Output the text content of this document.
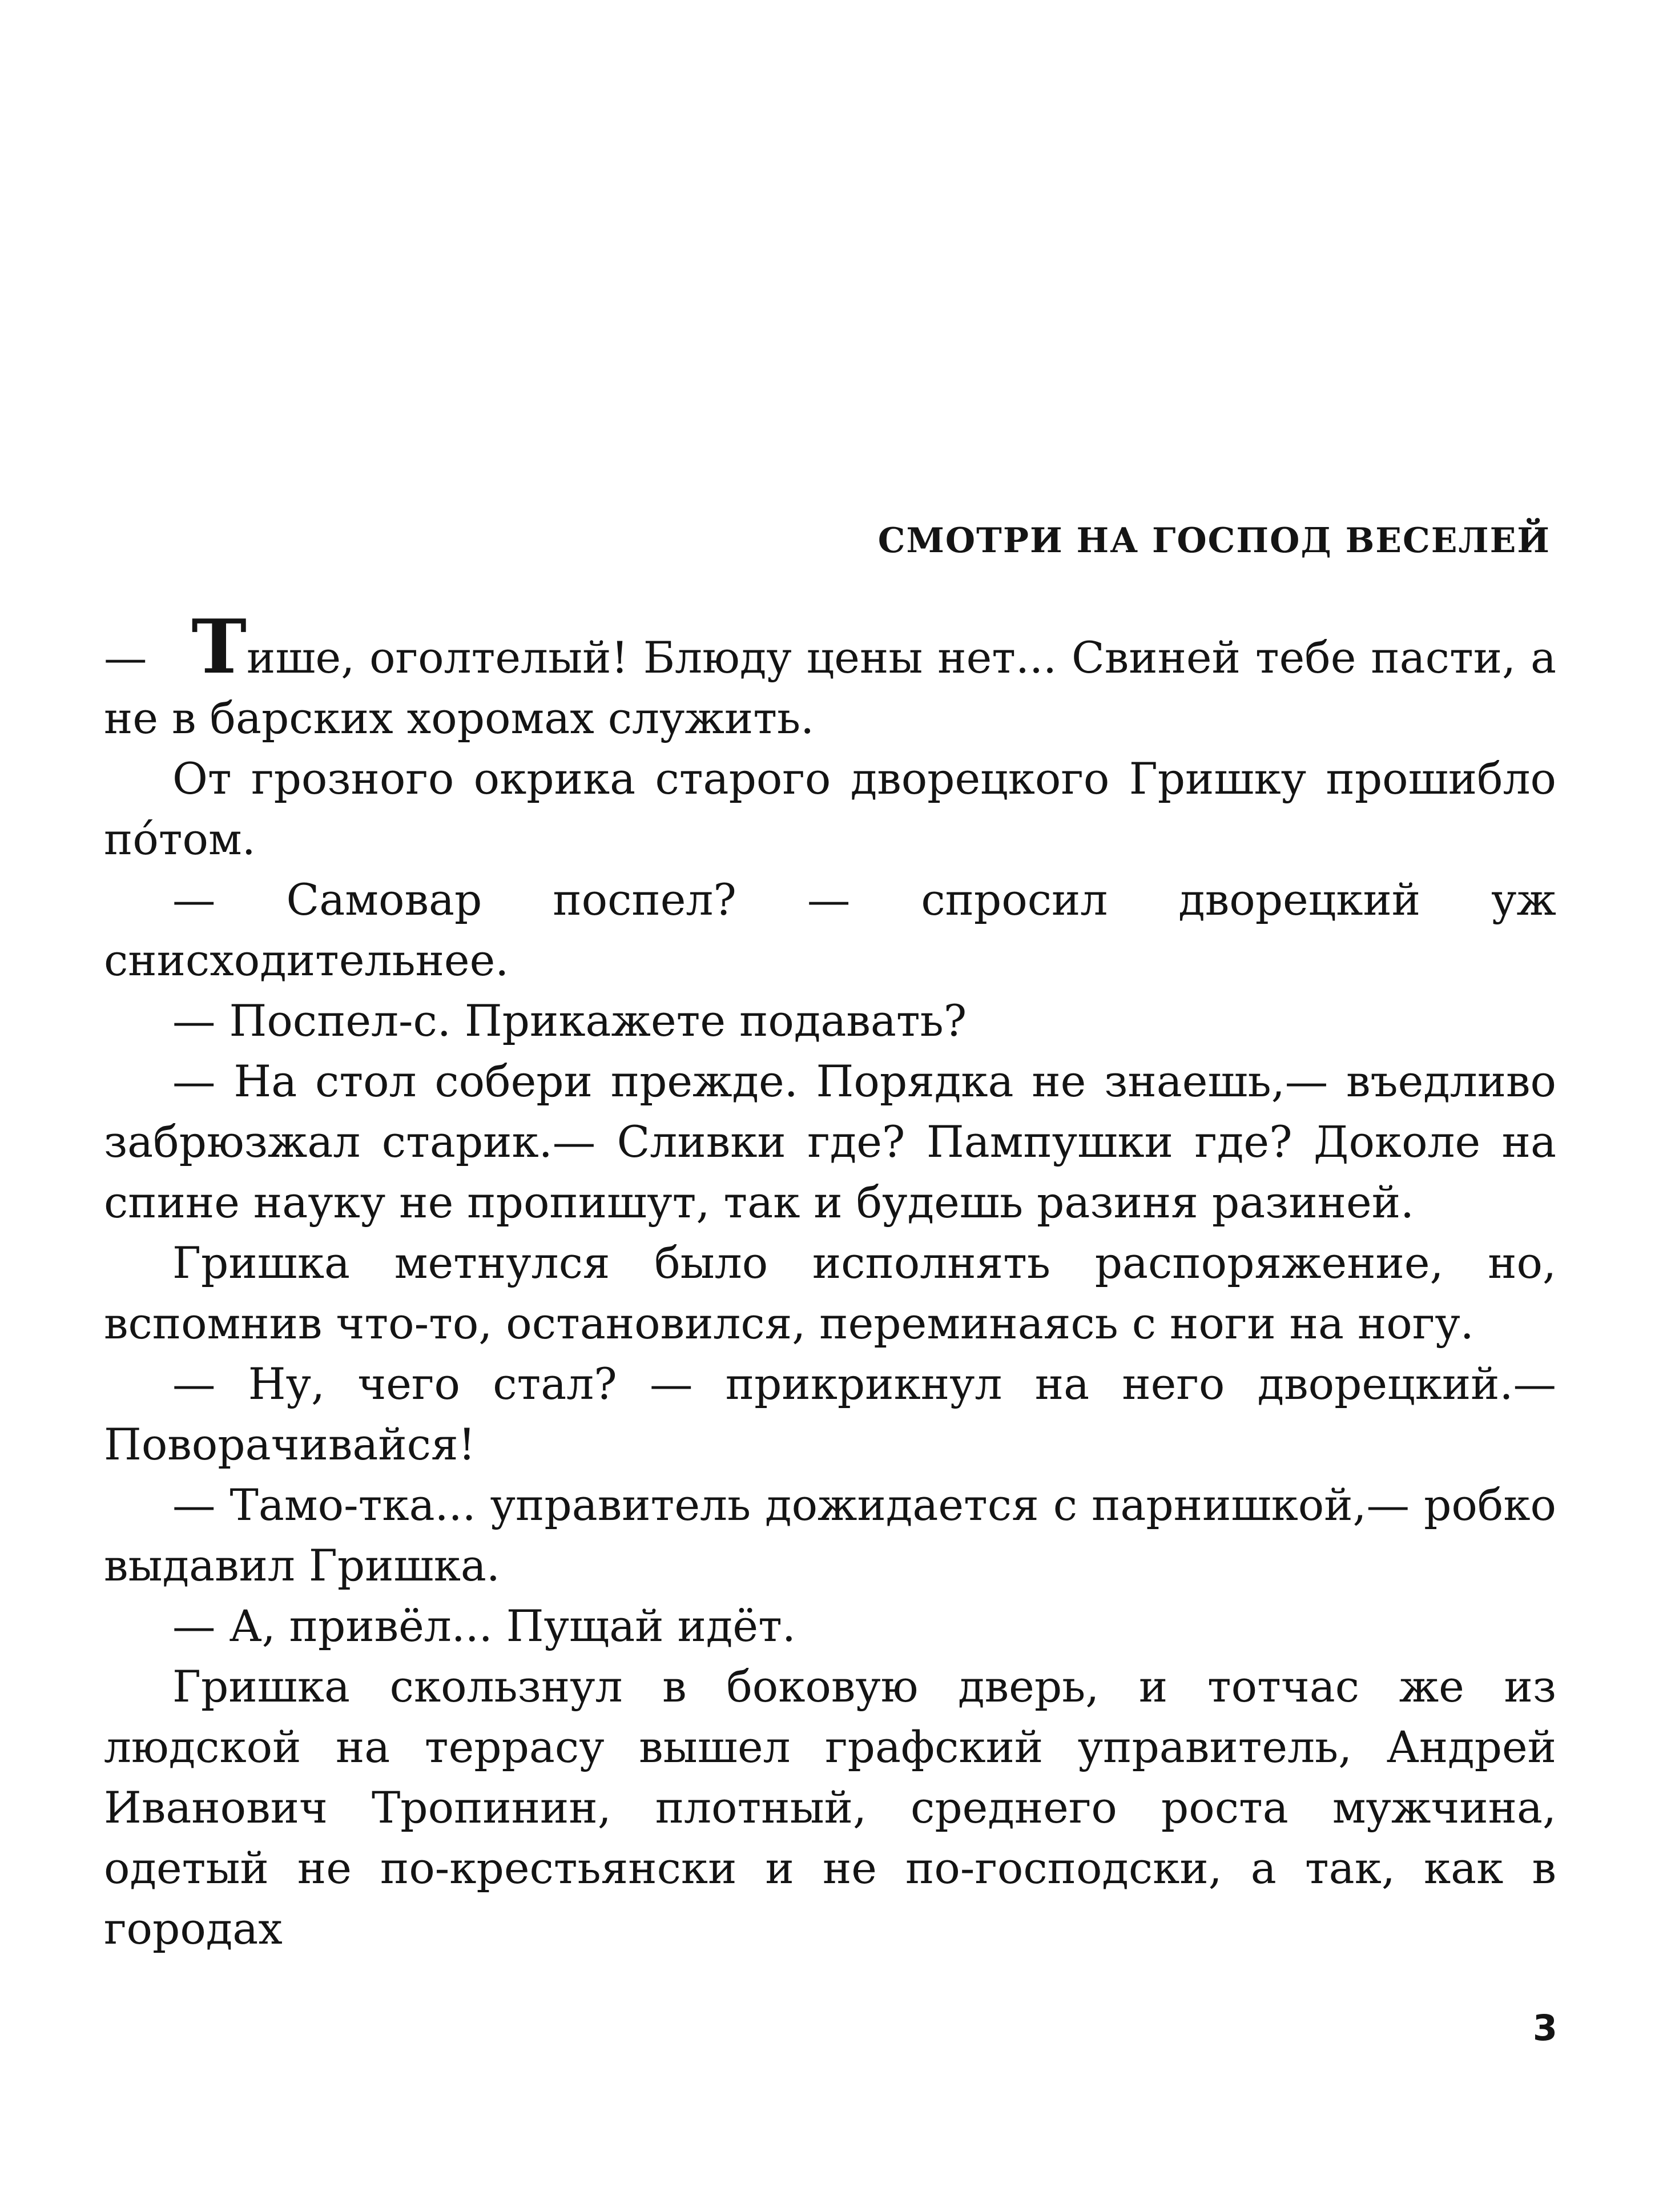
СМОТРИ НА ГОСПОД ВЕСЕЛЕЙ

— Тише, оголтелый! Блюду цены нет... Свиней тебе пасти, а не в барских хоромах служить.

От грозного окрика старого дворецкого Гришку прошибло по́том.

— Самовар поспел? — спросил дворецкий уж снисходительнее.

— Поспел-с. Прикажете подавать?

— На стол собери прежде. Порядка не знаешь,— въедливо забрюзжал старик.— Сливки где? Пампушки где? Доколе на спине науку не пропишут, так и будешь разиня разиней.

Гришка метнулся было исполнять распоряжение, но, вспомнив что-то, остановился, переминаясь с ноги на ногу.

— Ну, чего стал? — прикрикнул на него дворецкий.— Поворачивайся!

— Тамо-тка... управитель дожидается с парнишкой,— робко выдавил Гришка.

— А, привёл... Пущай идёт.

Гришка скользнул в боковую дверь, и тотчас же из людской на террасу вышел графский управитель, Андрей Иванович Тропинин, плотный, среднего роста мужчина, одетый не по-крестьянски и не по-господски, а так, как в городах

3
